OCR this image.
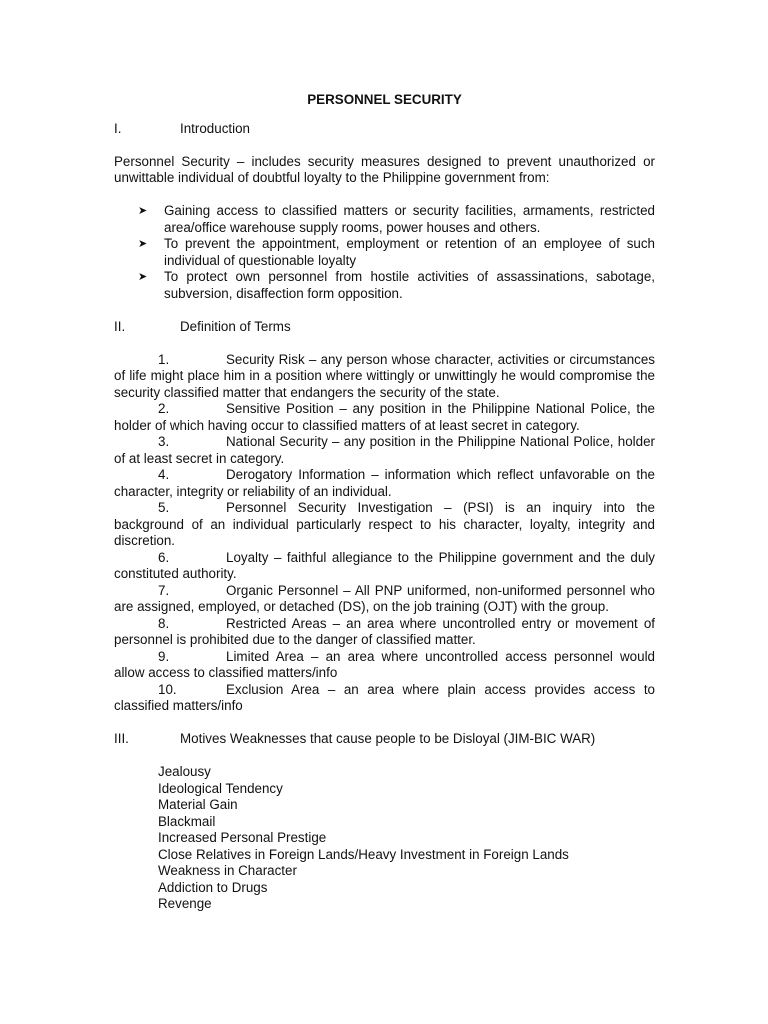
PERSONNEL SECURITY
I.	Introduction

Personnel Security – includes security measures designed to prevent unauthorized or unwittable individual of doubtful loyalty to the Philippine government from:

➤	Gaining access to classified matters or security facilities, armaments, restricted area/office warehouse supply rooms, power houses and others.
➤	To prevent the appointment, employment or retention of an employee of such individual of questionable loyalty
➤	To protect own personnel from hostile activities of assassinations, sabotage, subversion, disaffection form opposition.
II.	Definition of Terms
1.	Security Risk – any person whose character, activities or circumstances of life might place him in a position where wittingly or unwittingly he would compromise the security classified matter that endangers the security of the state.
2.	Sensitive Position – any position in the Philippine National Police, the holder of which having occur to classified matters of at least secret in category.
3.	National Security – any position in the Philippine National Police, holder of at least secret in category.
4.	Derogatory Information – information which reflect unfavorable on the character, integrity or reliability of an individual.
5.	Personnel Security Investigation – (PSI) is an inquiry into the background of an individual particularly respect to his character, loyalty, integrity and discretion.
6.	Loyalty – faithful allegiance to the Philippine government and the duly constituted authority.
7.	Organic Personnel – All PNP uniformed, non-uniformed personnel who are assigned, employed, or detached (DS), on the job training (OJT) with the group.
8.	Restricted Areas – an area where uncontrolled entry or movement of personnel is prohibited due to the danger of classified matter.
9.	Limited Area – an area where uncontrolled access personnel would allow access to classified matters/info
10.	Exclusion Area – an area where plain access provides access to classified matters/info
III.	Motives Weaknesses that cause people to be Disloyal (JIM-BIC WAR)
Jealousy
Ideological Tendency
Material Gain
Blackmail
Increased Personal Prestige
Close Relatives in Foreign Lands/Heavy Investment in Foreign Lands
Weakness in Character
Addiction to Drugs
Revenge
